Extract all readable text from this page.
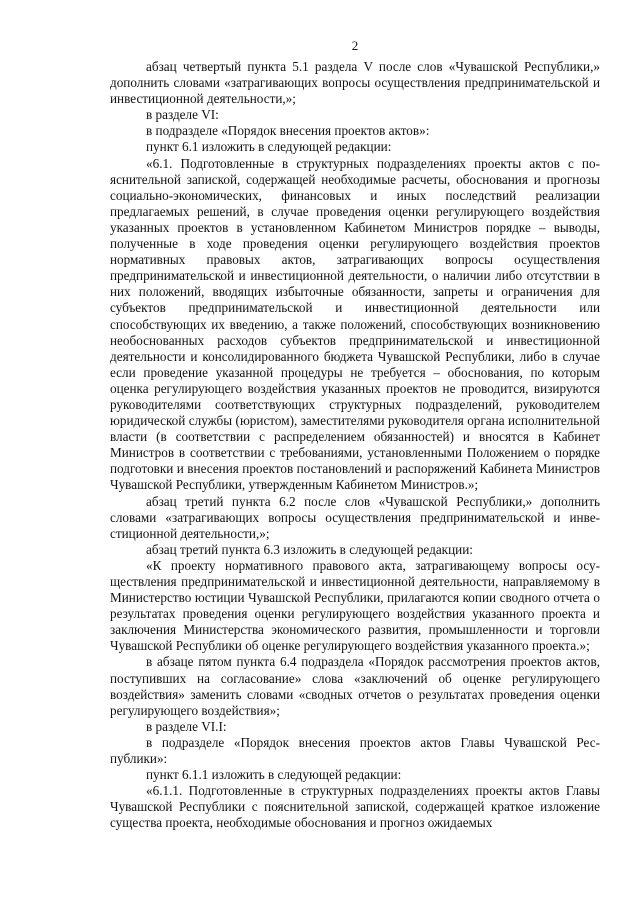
2

абзац четвертый пункта 5.1 раздела V после слов «Чувашской Республики,» дополнить словами «затрагивающих вопросы осуществления предпринимательской и инвестиционной деятельности,»;

в разделе VI:

в подразделе «Порядок внесения проектов актов»:

пункт 6.1 изложить в следующей редакции:

«6.1. Подготовленные в структурных подразделениях проекты актов с пояснительной запиской, содержащей необходимые расчеты, обоснования и прогнозы социально-экономических, финансовых и иных последствий реализации предлагаемых решений, в случае проведения оценки регулирующего воздействия указанных проектов в установленном Кабинетом Министров порядке – выводы, полученные в ходе проведения оценки регулирующего воздействия проектов нормативных правовых актов, затрагивающих вопросы осуществления предпринимательской и инвестиционной деятельности, о наличии либо отсутствии в них положений, вводящих избыточные обязанности, запреты и ограничения для субъектов предпринимательской и инвестиционной деятельности или способствующих их введению, а также положений, способствующих возникновению необоснованных расходов субъектов предпринимательской и инвестиционной деятельности и консолидированного бюджета Чувашской Республики, либо в случае если проведение указанной процедуры не требуется – обоснования, по которым оценка регулирующего воздействия указанных проектов не проводится, визируются руководителями соответствующих структурных подразделений, руководителем юридической службы (юристом), заместителями руководителя органа исполнительной власти (в соответствии с распределением обязанностей) и вносятся в Кабинет Министров в соответствии с требованиями, установленными Положением о порядке подготовки и внесения проектов постановлений и распоряжений Кабинета Министров Чувашской Республики, утвержденным Кабинетом Министров.»;

абзац третий пункта 6.2 после слов «Чувашской Республики,» дополнить словами «затрагивающих вопросы осуществления предпринимательской и инвестиционной деятельности,»;

абзац третий пункта 6.3 изложить в следующей редакции:

«К проекту нормативного правового акта, затрагивающему вопросы осуществления предпринимательской и инвестиционной деятельности, направляемому в Министерство юстиции Чувашской Республики, прилагаются копии сводного отчета о результатах проведения оценки регулирующего воздействия указанного проекта и заключения Министерства экономического развития, промышленности и торговли Чувашской Республики об оценке регулирующего воздействия указанного проекта.»;

в абзаце пятом пункта 6.4 подраздела «Порядок рассмотрения проектов актов, поступивших на согласование» слова «заключений об оценке регулирующего воздействия» заменить словами «сводных отчетов о результатах проведения оценки регулирующего воздействия»;

в разделе VI.I:

в подразделе «Порядок внесения проектов актов Главы Чувашской Республики»:

пункт 6.1.1 изложить в следующей редакции:

«6.1.1. Подготовленные в структурных подразделениях проекты актов Главы Чувашской Республики с пояснительной запиской, содержащей краткое изложение существа проекта, необходимые обоснования и прогноз ожидаемых
